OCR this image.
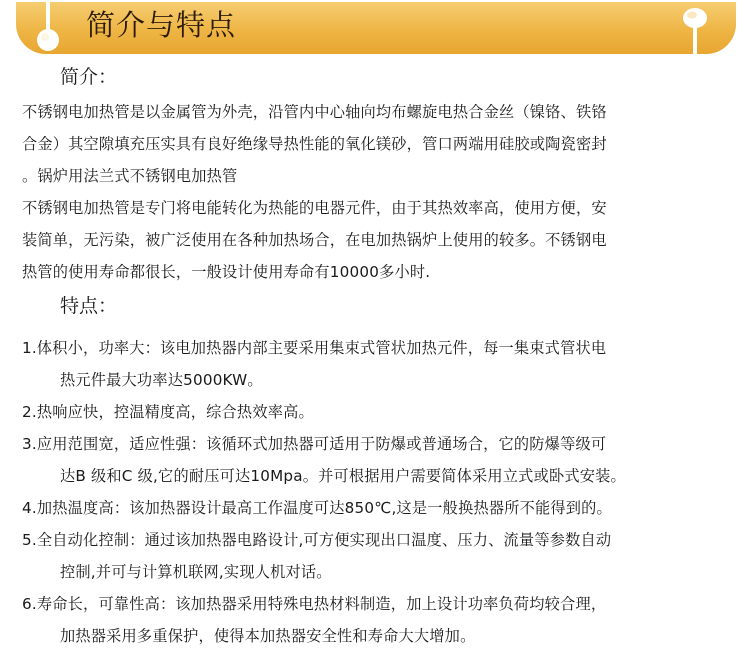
简介与特点
简介：
不锈钢电加热管是以金属管为外壳，沿管内中心轴向均布螺旋电热合金丝（镍铬、铁铬
合金）其空隙填充压实具有良好绝缘导热性能的氧化镁砂，管口两端用硅胶或陶瓷密封
。锅炉用法兰式不锈钢电加热管
不锈钢电加热管是专门将电能转化为热能的电器元件，由于其热效率高，使用方便，安
装简单，无污染，被广泛使用在各种加热场合，在电加热锅炉上使用的较多。不锈钢电
热管的使用寿命都很长，一般设计使用寿命有10000多小时.
特点：
1.体积小，功率大：该电加热器内部主要采用集束式管状加热元件，每一集束式管状电
热元件最大功率达5000KW。
2.热响应快，控温精度高，综合热效率高。
3.应用范围宽，适应性强：该循环式加热器可适用于防爆或普通场合，它的防爆等级可
达B 级和C 级,它的耐压可达10Mpa。并可根据用户需要简体采用立式或卧式安装。
4.加热温度高：该加热器设计最高工作温度可达850℃,这是一般换热器所不能得到的。
5.全自动化控制：通过该加热器电路设计,可方便实现出口温度、压力、流量等参数自动
控制,并可与计算机联网,实现人机对话。
6.寿命长，可靠性高：该加热器采用特殊电热材料制造，加上设计功率负荷均较合理，
加热器采用多重保护，使得本加热器安全性和寿命大大增加。
